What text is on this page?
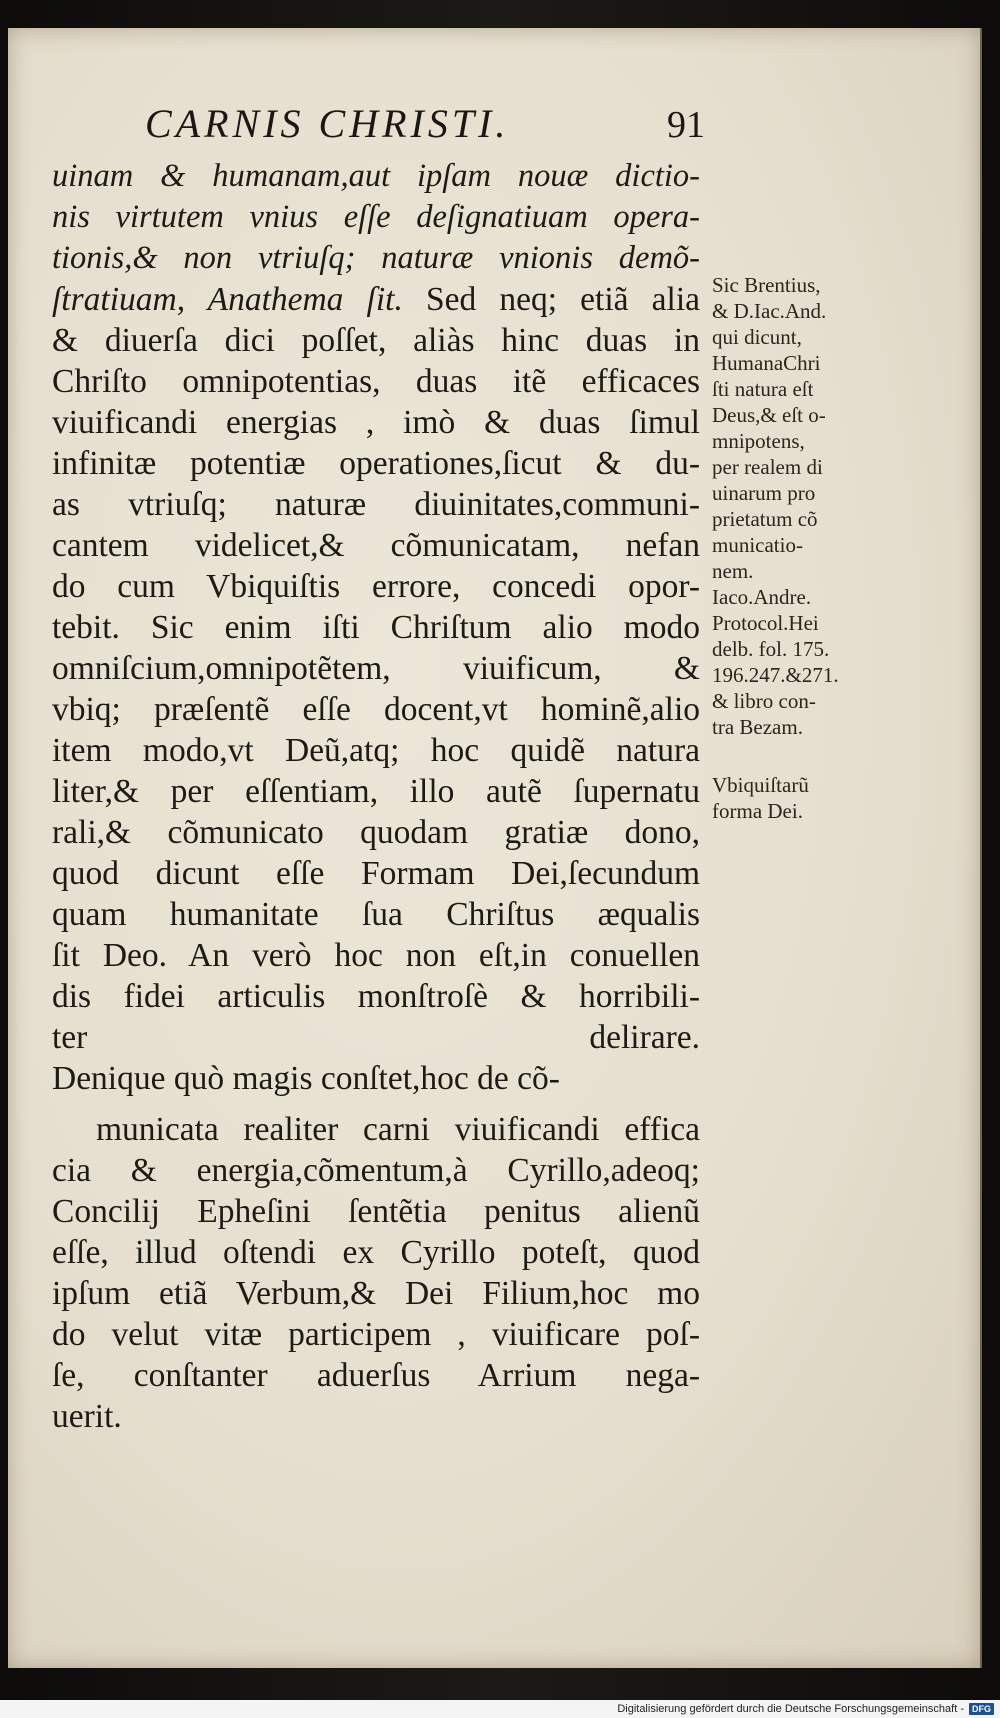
CARNIS CHRISTI.	91
uinam & humanam,aut ipſam nouæ dictio-
nis virtutem vnius eſſe deſignatiuam opera-
tionis,& non vtriuſq; naturæ vnionis demõ-
ſtratiuam, Anathema ſit. Sed neq; etiã alia
& diuerſa dici poſſet, aliàs hinc duas in
Chriſto omnipotentias, duas itẽ efficaces
viuificandi energias , imò & duas ſimul
infinitæ potentiæ operationes,ſicut & du-
as vtriuſq; naturæ diuinitates,communi-
cantem videlicet,& cõmunicatam, nefan
do cum Vbiquiſtis errore, concedi opor-
tebit. Sic enim iſti Chriſtum alio modo
omniſcium,omnipotẽtem, viuificum, &
vbiq; præſentẽ eſſe docent,vt hominẽ,alio
item modo,vt Deũ,atq; hoc quidẽ natura
liter,& per eſſentiam, illo autẽ ſupernatu
rali,& cõmunicato quodam gratiæ dono,
quod dicunt eſſe Formam Dei,ſecundum
quam humanitate ſua Chriſtus æqualis
ſit Deo. An verò hoc non eſt,in conuellen
dis fidei articulis monſtroſè & horribili-
ter delirare.
Denique quò magis conſtet,hoc de cõ-
municata realiter carni viuificandi effica
cia & energia,cõmentum,à Cyrillo,adeoq;
Concilij Epheſini ſentẽtia penitus alienũ
eſſe, illud oſtendi ex Cyrillo poteſt, quod
ipſum etiã Verbum,& Dei Filium,hoc mo
do velut vitæ participem , viuificare poſ-
ſe, conſtanter aduerſus Arrium nega-
uerit.
Sic Brentius,
& D.Iac.And.
qui dicunt,
HumanaChri
ſti natura eſt
Deus,& eſt o-
mnipotens,
per realem di
uinarum pro
prietatum cõ
municatio-
nem.
Iaco.Andre.
Protocol.Hei
delb. fol. 175.
196.247.&271.
& libro con-
tra Bezam.
Vbiquiſtarũ
forma Dei.
Digitalisierung gefördert durch die Deutsche Forschungsgemeinschaft - DFG
